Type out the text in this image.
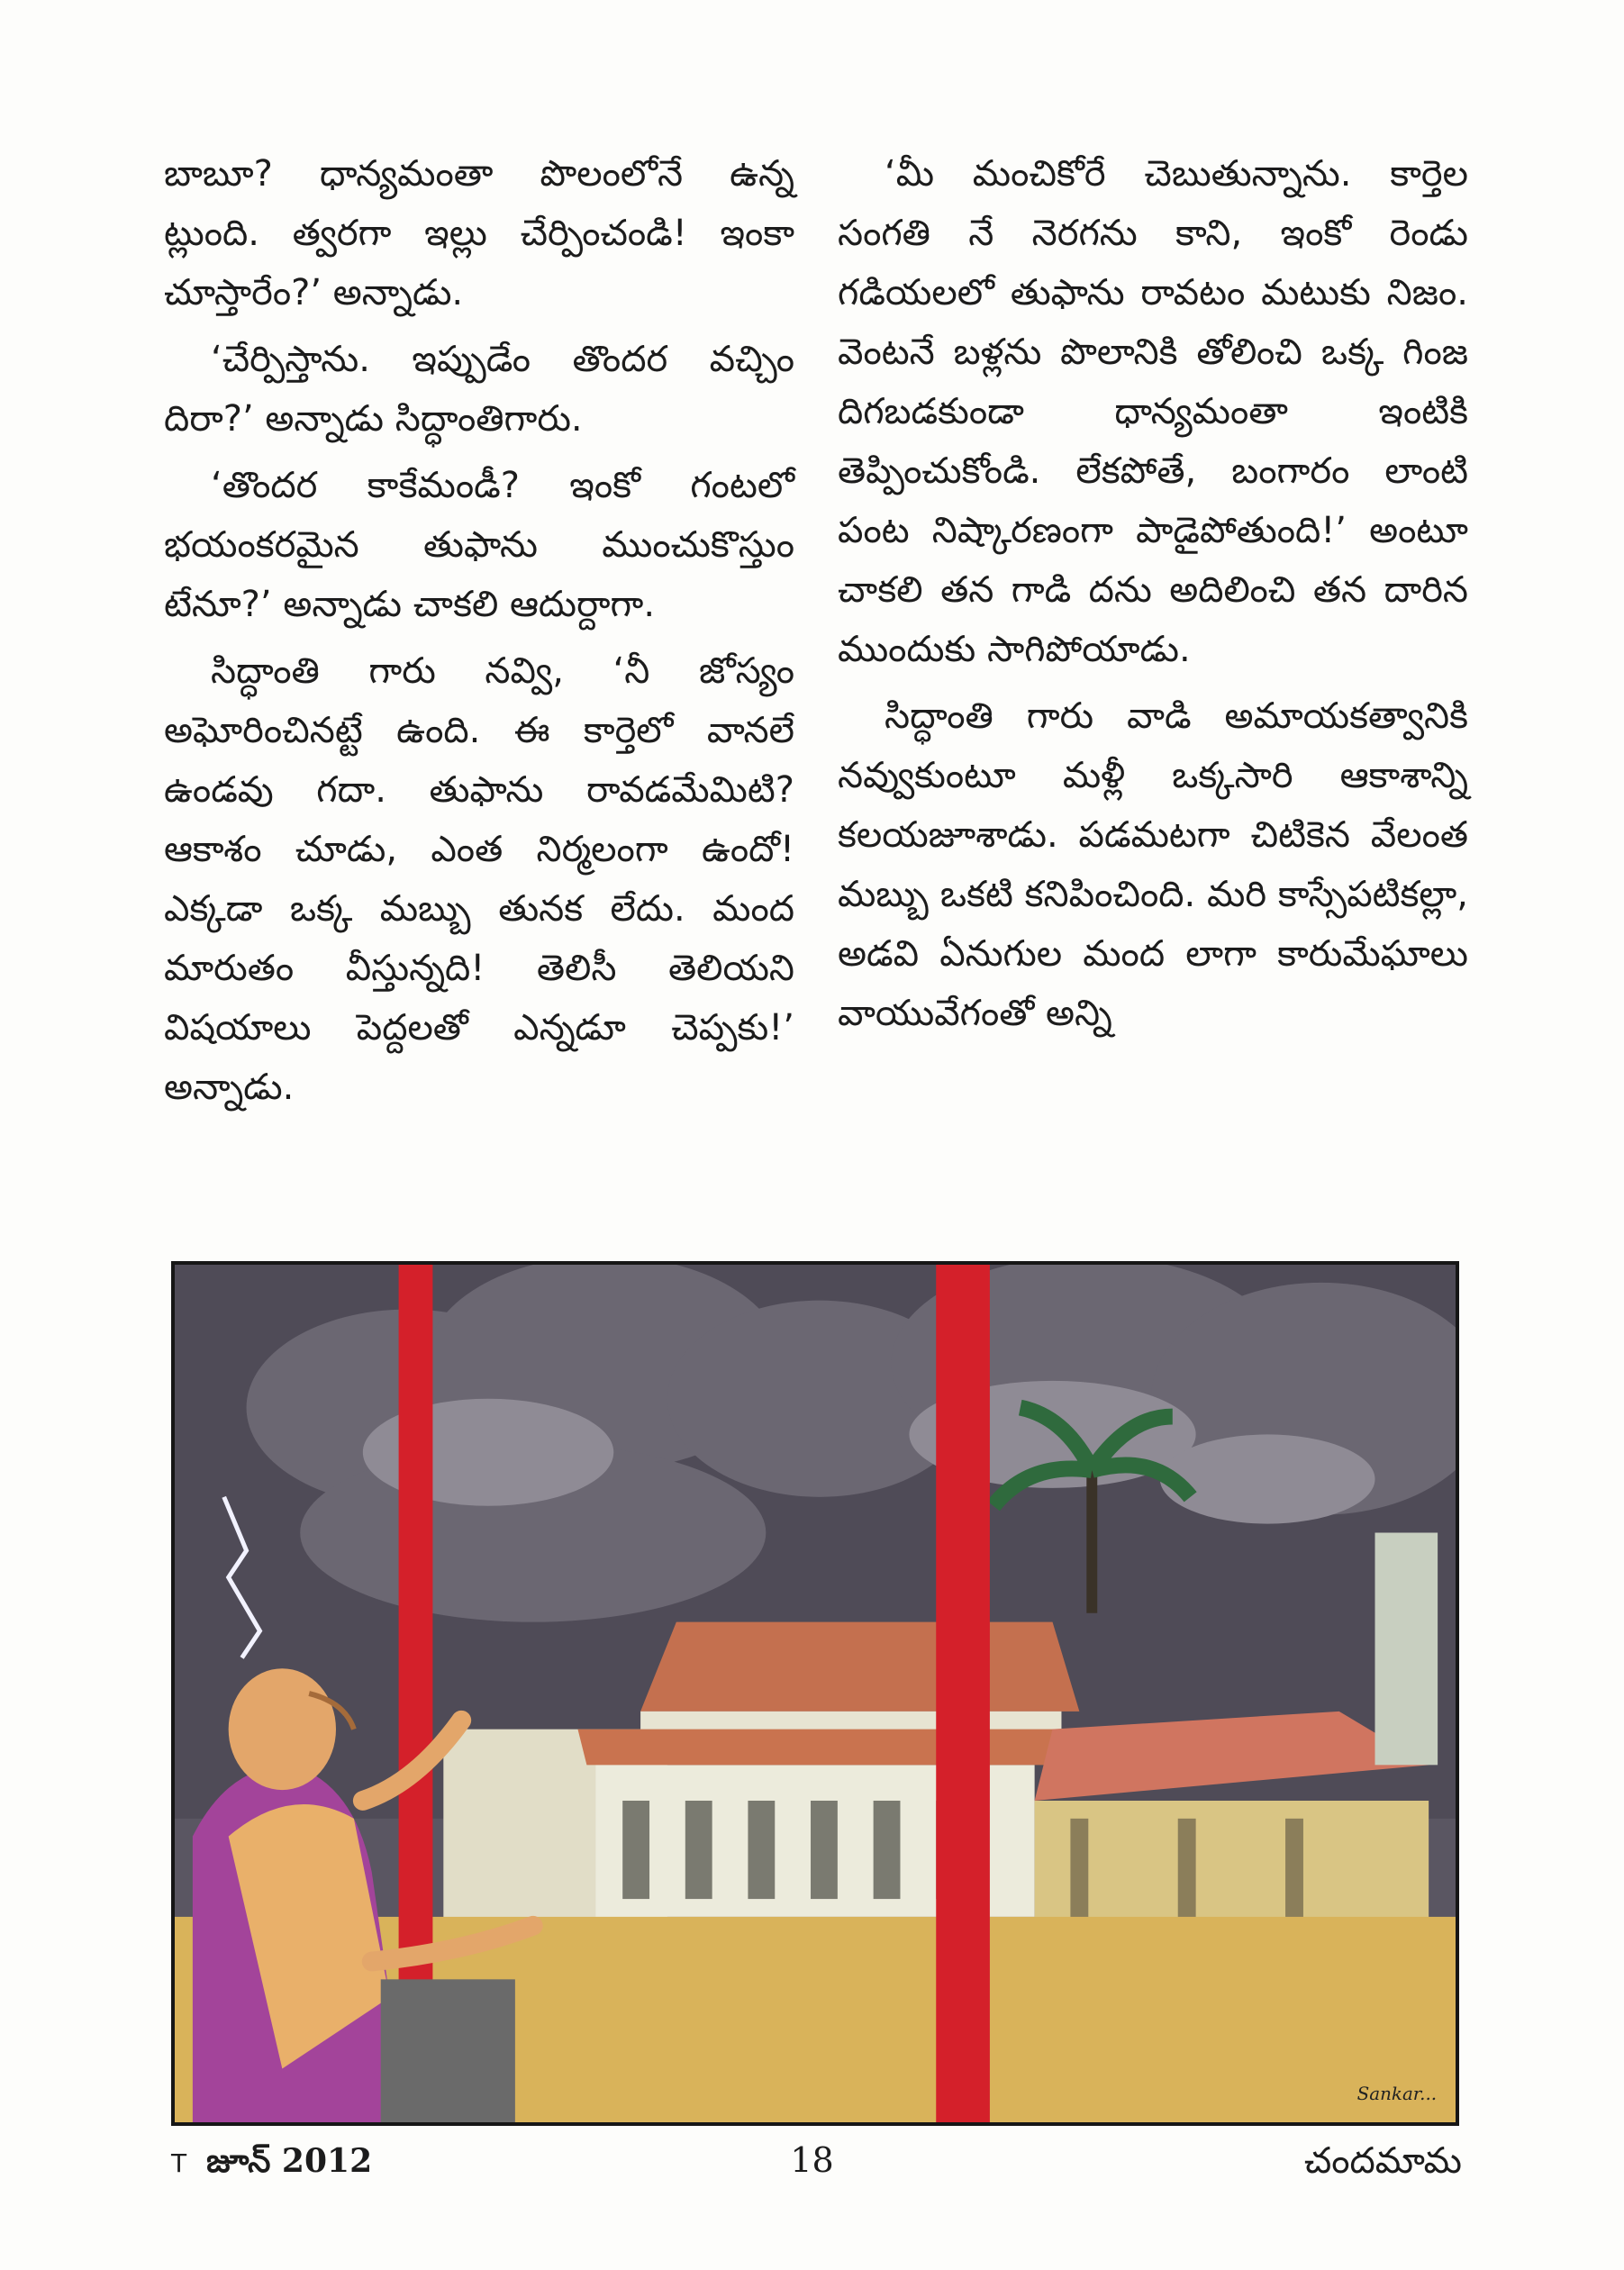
బాబూ? ధాన్యమంతా పొలంలోనే ఉన్న ట్లుంది. త్వరగా ఇల్లు చేర్పించండి! ఇంకా చూస్తారేం?’ అన్నాడు.

‘చేర్పిస్తాను. ఇప్పుడేం తొందర వచ్చిం దిరా?’ అన్నాడు సిద్ధాంతిగారు.

‘తొందర కాకేమండీ? ఇంకో గంటలో భయంకరమైన తుఫాను ముంచుకొస్తుం టేనూ?’ అన్నాడు చాకలి ఆదుర్దాగా.

సిద్ధాంతి గారు నవ్వి, ‘నీ జోస్యం అఘోరించినట్టే ఉంది. ఈ కార్తెలో వానలే ఉండవు గదా. తుఫాను రావడమేమిటి? ఆకాశం చూడు, ఎంత నిర్మలంగా ఉందో! ఎక్కడా ఒక్క మబ్బు తునక లేదు. మంద మారుతం వీస్తున్నది! తెలిసీ తెలియని విషయాలు పెద్దలతో ఎన్నడూ చెప్పకు!’ అన్నాడు.

‘మీ మంచికోరే చెబుతున్నాను. కార్తెల సంగతి నే నెరగను కాని, ఇంకో రెండు గడియలలో తుఫాను రావటం మటుకు నిజం. వెంటనే బళ్లను పొలానికి తోలించి ఒక్క గింజ దిగబడకుండా ధాన్యమంతా ఇంటికి తెప్పించుకోండి. లేకపోతే, బంగారం లాంటి పంట నిష్కారణంగా పాడైపోతుంది!’ అంటూ చాకలి తన గాడి దను అదిలించి తన దారిన ముందుకు సాగిపోయాడు.

సిద్ధాంతి గారు వాడి అమాయకత్వానికి నవ్వుకుంటూ మళ్లీ ఒక్కసారి ఆకాశాన్ని కలయజూశాడు. పడమటగా చిటికెన వేలంత మబ్బు ఒకటి కనిపించింది. మరి కాస్సేపటికల్లా, అడవి ఏనుగుల మంద లాగా కారుమేఘాలు వాయువేగంతో అన్ని

Sankar...
T జూన్ 2012	18	చందమామ
